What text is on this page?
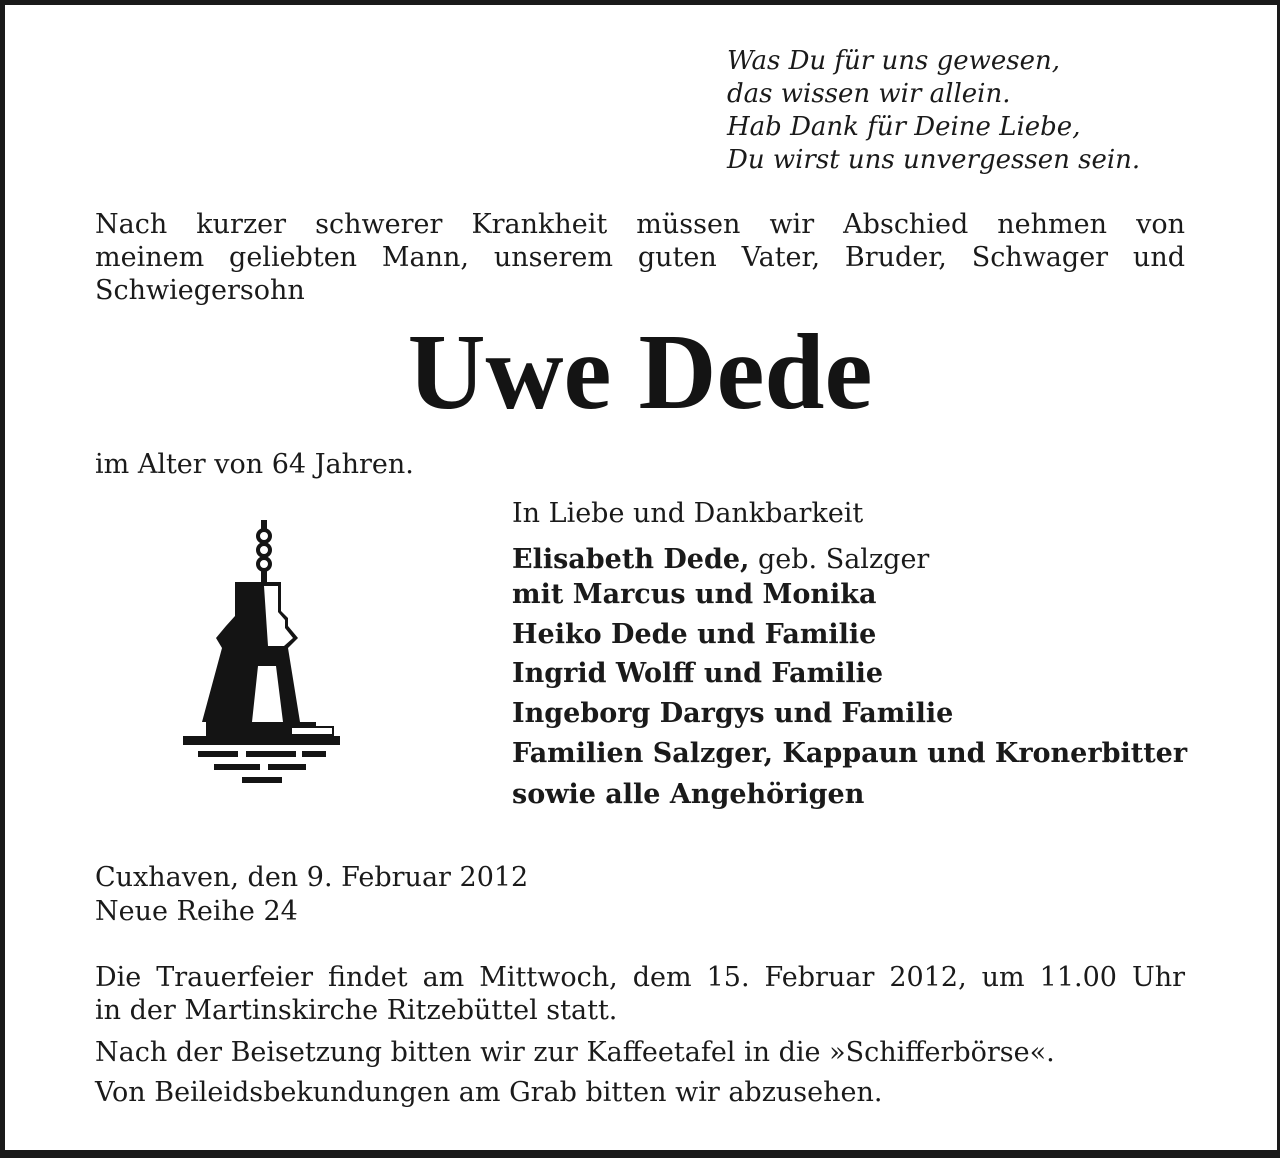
Was Du für uns gewesen,
das wissen wir allein.
Hab Dank für Deine Liebe,
Du wirst uns unvergessen sein.
Nach kurzer schwerer Krankheit müssen wir Abschied nehmen von
meinem geliebten Mann, unserem guten Vater, Bruder, Schwager und
Schwiegersohn
Uwe Dede
im Alter von 64 Jahren.
In Liebe und Dankbarkeit
Elisabeth Dede, geb. Salzger
mit Marcus und Monika
Heiko Dede und Familie
Ingrid Wolff und Familie
Ingeborg Dargys und Familie
Familien Salzger, Kappaun und Kronerbitter
sowie alle Angehörigen
Cuxhaven, den 9. Februar 2012
Neue Reihe 24
Die Trauerfeier findet am Mittwoch, dem 15. Februar 2012, um 11.00 Uhr
in der Martinskirche Ritzebüttel statt.
Nach der Beisetzung bitten wir zur Kaffeetafel in die »Schifferbörse«.
Von Beileidsbekundungen am Grab bitten wir abzusehen.
